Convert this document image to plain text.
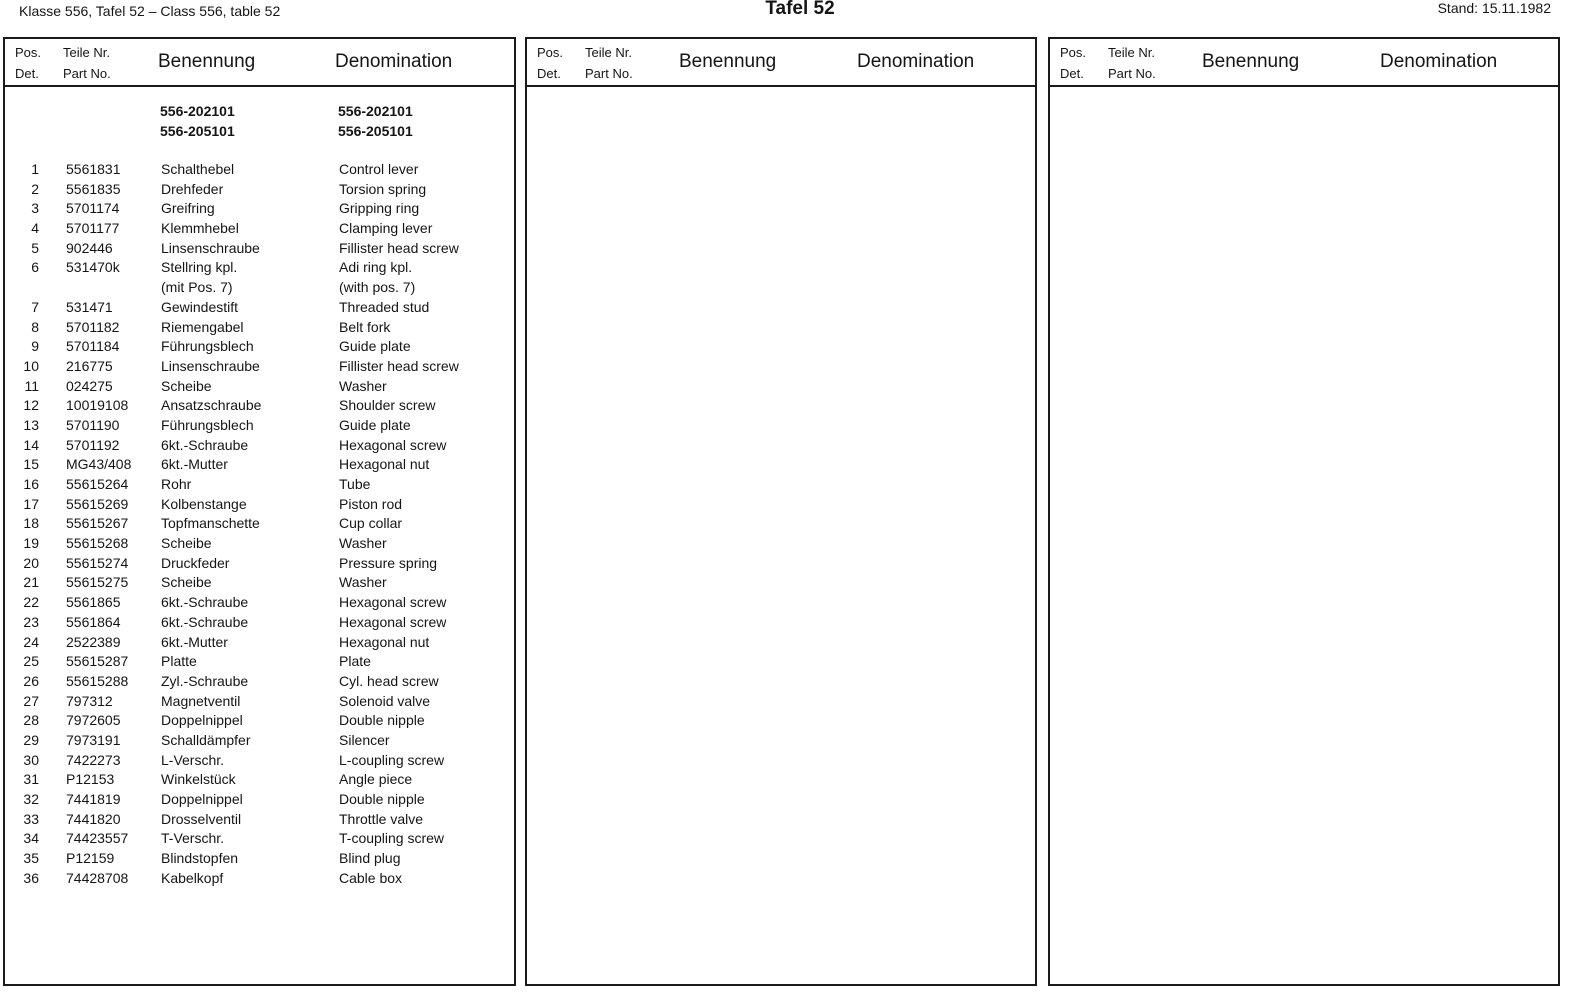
Klasse 556, Tafel 52 – Class 556, table 52	Tafel 52	Stand: 15.11.1982
Pos.
Det.
Teile Nr.
Part No.
Benennung	Denomination
556-202101	556-202101
556-205101	556-205101
1 5561831	Schalthebel	Control lever
2 5561835	Drehfeder	Torsion spring
3 5701174	Greifring	Gripping ring
4 5701177	Klemmhebel	Clamping lever
5 902446	Linsenschraube	Fillister head screw
6 531470k	Stellring kpl.	Adi ring kpl.
(mit Pos. 7)	(with pos. 7)
7 531471	Gewindestift	Threaded stud
8 5701182	Riemengabel	Belt fork
9 5701184	Führungsblech	Guide plate
10 216775	Linsenschraube	Fillister head screw
11 024275	Scheibe	Washer
12 10019108 Ansatzschraube	Shoulder screw
13 5701190	Führungsblech	Guide plate
14 5701192	6kt.-Schraube	Hexagonal screw
15 MG43/408 6kt.-Mutter	Hexagonal nut
16 55615264 Rohr	Tube
17 55615269 Kolbenstange	Piston rod
18 55615267 Topfmanschette	Cup collar
19 55615268 Scheibe	Washer
20 55615274 Druckfeder	Pressure spring
21 55615275 Scheibe	Washer
22 5561865	6kt.-Schraube	Hexagonal screw
23 5561864	6kt.-Schraube	Hexagonal screw
24 2522389	6kt.-Mutter	Hexagonal nut
25 55615287 Platte	Plate
26 55615288 Zyl.-Schraube	Cyl. head screw
27 797312	Magnetventil	Solenoid valve
28 7972605	Doppelnippel	Double nipple
29 7973191	Schalldämpfer	Silencer
30 7422273	L-Verschr.	L-coupling screw
31 P12153	Winkelstück	Angle piece
32 7441819	Doppelnippel	Double nipple
33 7441820	Drosselventil	Throttle valve
34 74423557 T-Verschr.	T-coupling screw
35 P12159	Blindstopfen	Blind plug
36 74428708 Kabelkopf	Cable box
Pos.
Det.
Teile Nr.
Part No.
Benennung	Denomination	Pos.
Det.
Teile Nr.
Part No.
Benennung	Denomination
